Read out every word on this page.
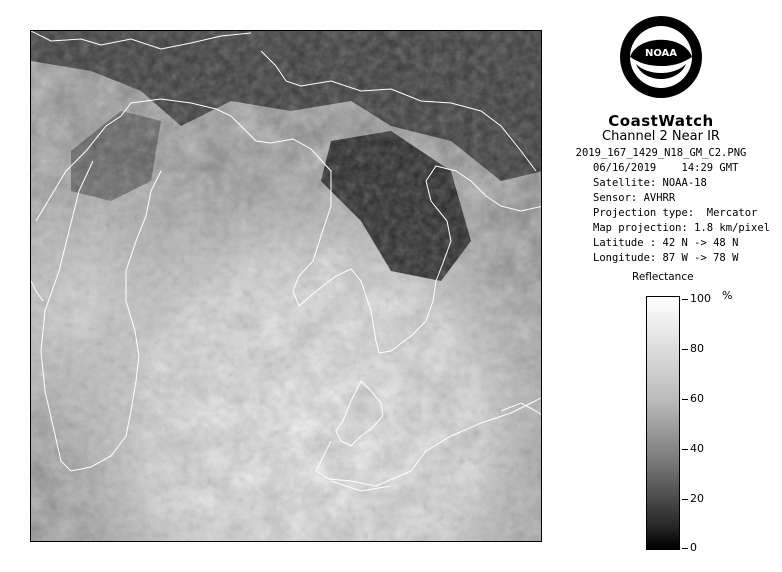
NOAA
CoastWatch
Channel 2 Near IR
2019_167_1429_N18_GM_C2.PNG
06/16/2019    14:29 GMT
Satellite: NOAA-18
Sensor: AVHRR
Projection type:  Mercator
Map projection: 1.8 km/pixel
Latitude : 42 N -> 48 N
Longitude: 87 W -> 78 W
Reflectance
%
100
80
60
40
20
0
